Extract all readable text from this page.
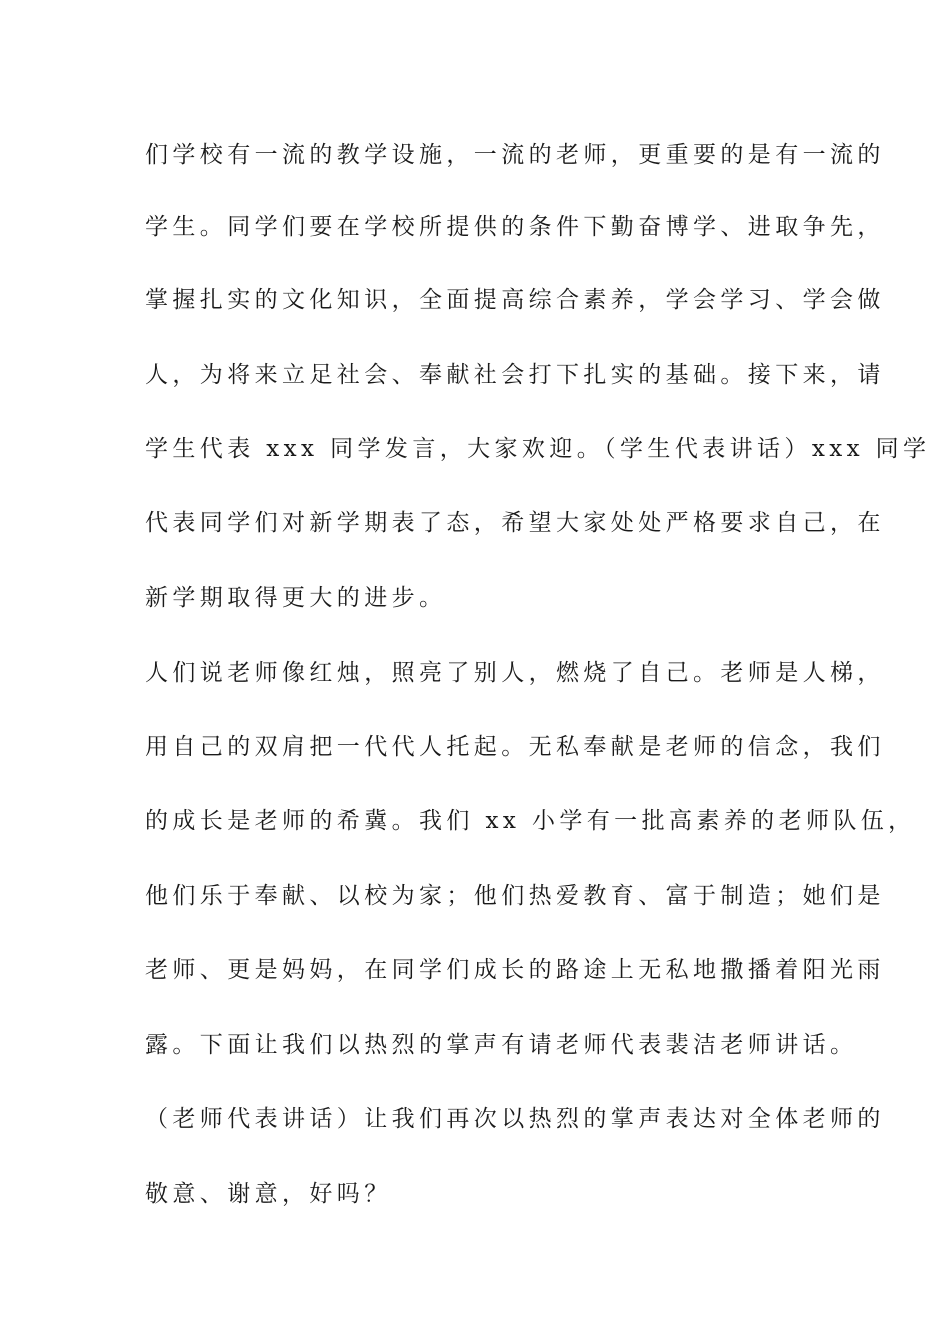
们学校有一流的教学设施，一流的老师，更重要的是有一流的
学生。同学们要在学校所提供的条件下勤奋博学、进取争先，
掌握扎实的文化知识，全面提高综合素养，学会学习、学会做
人，为将来立足社会、奉献社会打下扎实的基础。接下来，请
学生代表 xxx 同学发言，大家欢迎。（学生代表讲话）xxx 同学
代表同学们对新学期表了态，希望大家处处严格要求自己，在
新学期取得更大的进步。
人们说老师像红烛，照亮了别人，燃烧了自己。老师是人梯，
用自己的双肩把一代代人托起。无私奉献是老师的信念，我们
的成长是老师的希冀。我们 xx 小学有一批高素养的老师队伍，
他们乐于奉献、以校为家；他们热爱教育、富于制造；她们是
老师、更是妈妈，在同学们成长的路途上无私地撒播着阳光雨
露。下面让我们以热烈的掌声有请老师代表裴洁老师讲话。
（老师代表讲话）让我们再次以热烈的掌声表达对全体老师的
敬意、谢意，好吗？
